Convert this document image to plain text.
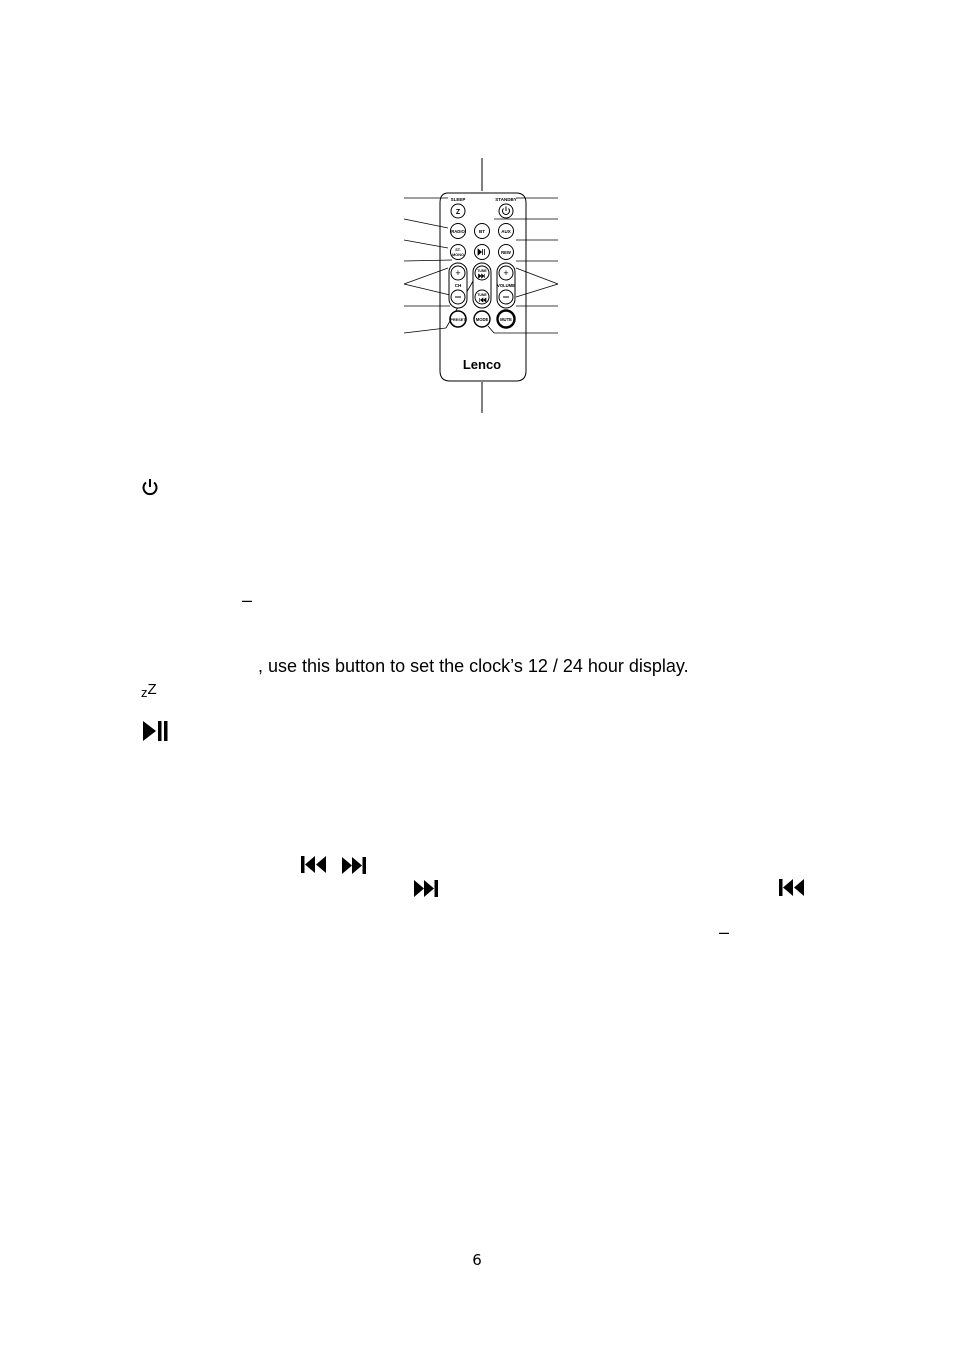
SLEEP
Z
STANDBY
RADIO	BT	AUX
ST.
MONO	REW
+
CH
TUNE
TUNE
+
VOLUME
PRESET MODE	MUTE
Lenco
–
, use this button to set the clock’s 12 / 24 hour display.
zZ
–
6
